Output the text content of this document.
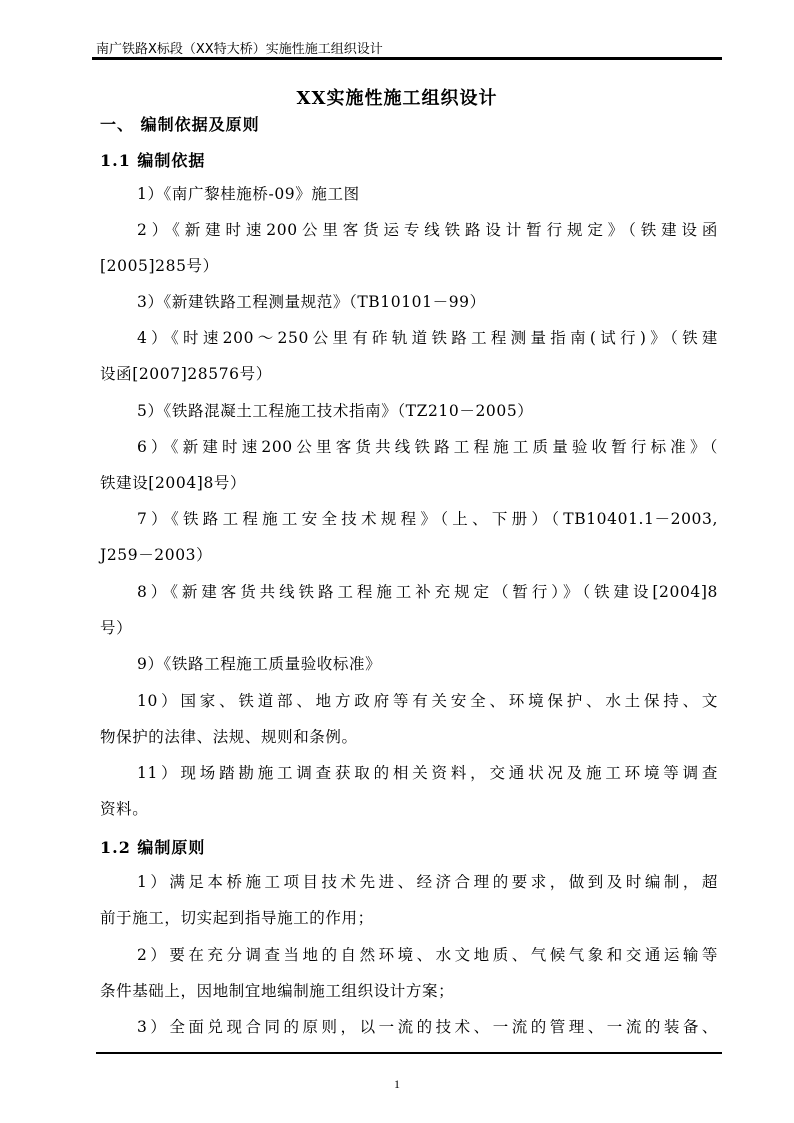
南广铁路X标段（XX特大桥）实施性施工组织设计
XX实施性施工组织设计
一、 编制依据及原则
1.1 编制依据
1）《南广黎桂施桥-09》施工图
2）《新建时速200公里客货运专线铁路设计暂行规定》（铁建设函
[2005]285号）
3）《新建铁路工程测量规范》（TB10101－99）
4）《时速200～250公里有砟轨道铁路工程测量指南(试行)》（铁建
设函[2007]28576号）
5）《铁路混凝土工程施工技术指南》（TZ210－2005）
6）《新建时速200公里客货共线铁路工程施工质量验收暂行标准》（
铁建设[2004]8号）
7）《铁路工程施工安全技术规程》（上、下册）（TB10401.1－2003,
J259－2003）
8）《新建客货共线铁路工程施工补充规定（暂行）》（铁建设[2004]8
号）
9）《铁路工程施工质量验收标准》
10）国家、铁道部、地方政府等有关安全、环境保护、水土保持、文
物保护的法律、法规、规则和条例。
11）现场踏勘施工调查获取的相关资料，交通状况及施工环境等调查
资料。
1.2 编制原则
1）满足本桥施工项目技术先进、经济合理的要求，做到及时编制，超
前于施工，切实起到指导施工的作用；
2）要在充分调查当地的自然环境、水文地质、气候气象和交通运输等
条件基础上，因地制宜地编制施工组织设计方案；
3）全面兑现合同的原则，以一流的技术、一流的管理、一流的装备、
1
